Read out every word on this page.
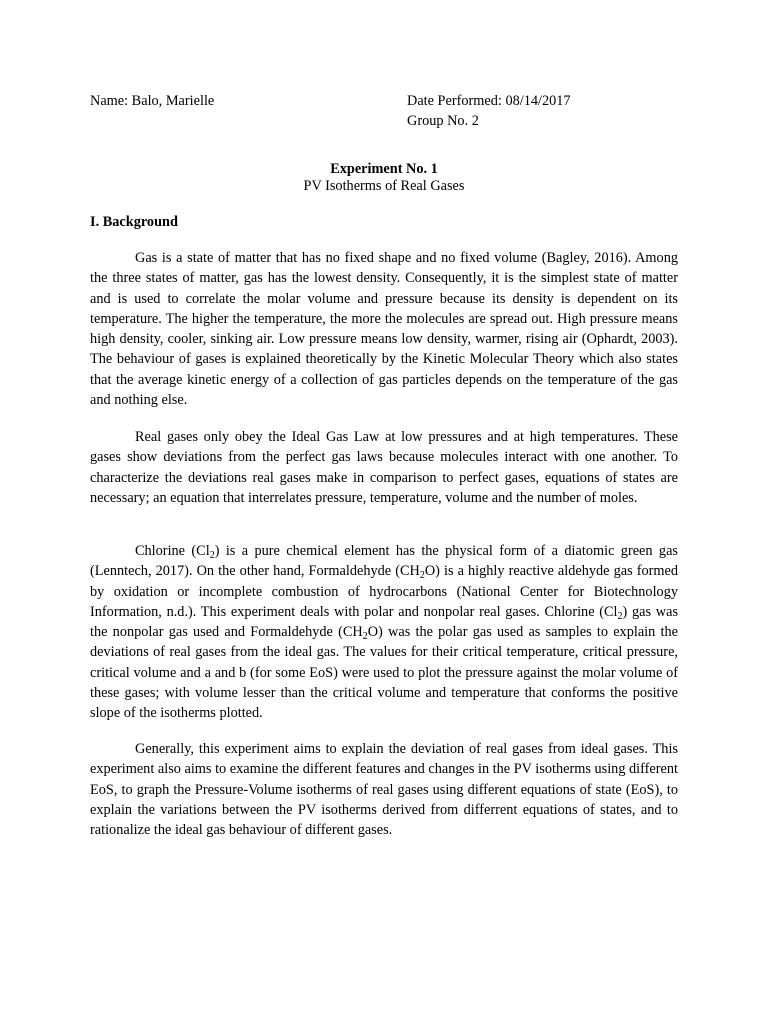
Name: Balo, Marielle	Date Performed: 08/14/2017
Group No. 2
Experiment No. 1
PV Isotherms of Real Gases
I. Background

Gas is a state of matter that has no fixed shape and no fixed volume (Bagley, 2016). Among the three states of matter, gas has the lowest density. Consequently, it is the simplest state of matter and is used to correlate the molar volume and pressure because its density is dependent on its temperature. The higher the temperature, the more the molecules are spread out. High pressure means high density, cooler, sinking air. Low pressure means low density, warmer, rising air (Ophardt, 2003). The behaviour of gases is explained theoretically by the Kinetic Molecular Theory which also states that the average kinetic energy of a collection of gas particles depends on the temperature of the gas and nothing else.

Real gases only obey the Ideal Gas Law at low pressures and at high temperatures. These gases show deviations from the perfect gas laws because molecules interact with one another. To characterize the deviations real gases make in comparison to perfect gases, equations of states are necessary; an equation that interrelates pressure, temperature, volume and the number of moles.

Chlorine $(Cl_2)$ is a pure chemical element has the physical form of a diatomic green gas (Lenntech, 2017). On the other hand, Formaldehyde $(CH_2O)$ is a highly reactive aldehyde gas formed by oxidation or incomplete combustion of hydrocarbons (National Center for Biotechnology Information, n.d.). This experiment deals with polar and nonpolar real gases. Chlorine $(Cl_2)$ gas was the nonpolar gas used and Formaldehyde $(CH_2O)$ was the polar gas used as samples to explain the deviations of real gases from the ideal gas. The values for their critical temperature, critical pressure, critical volume and a and b (for some EoS) were used to plot the pressure against the molar volume of these gases; with volume lesser than the critical volume and temperature that conforms the positive slope of the isotherms plotted.

Generally, this experiment aims to explain the deviation of real gases from ideal gases. This experiment also aims to examine the different features and changes in the PV isotherms using different EoS, to graph the Pressure-Volume isotherms of real gases using different equations of state (EoS), to explain the variations between the PV isotherms derived from differrent equations of states, and to rationalize the ideal gas behaviour of different gases.
